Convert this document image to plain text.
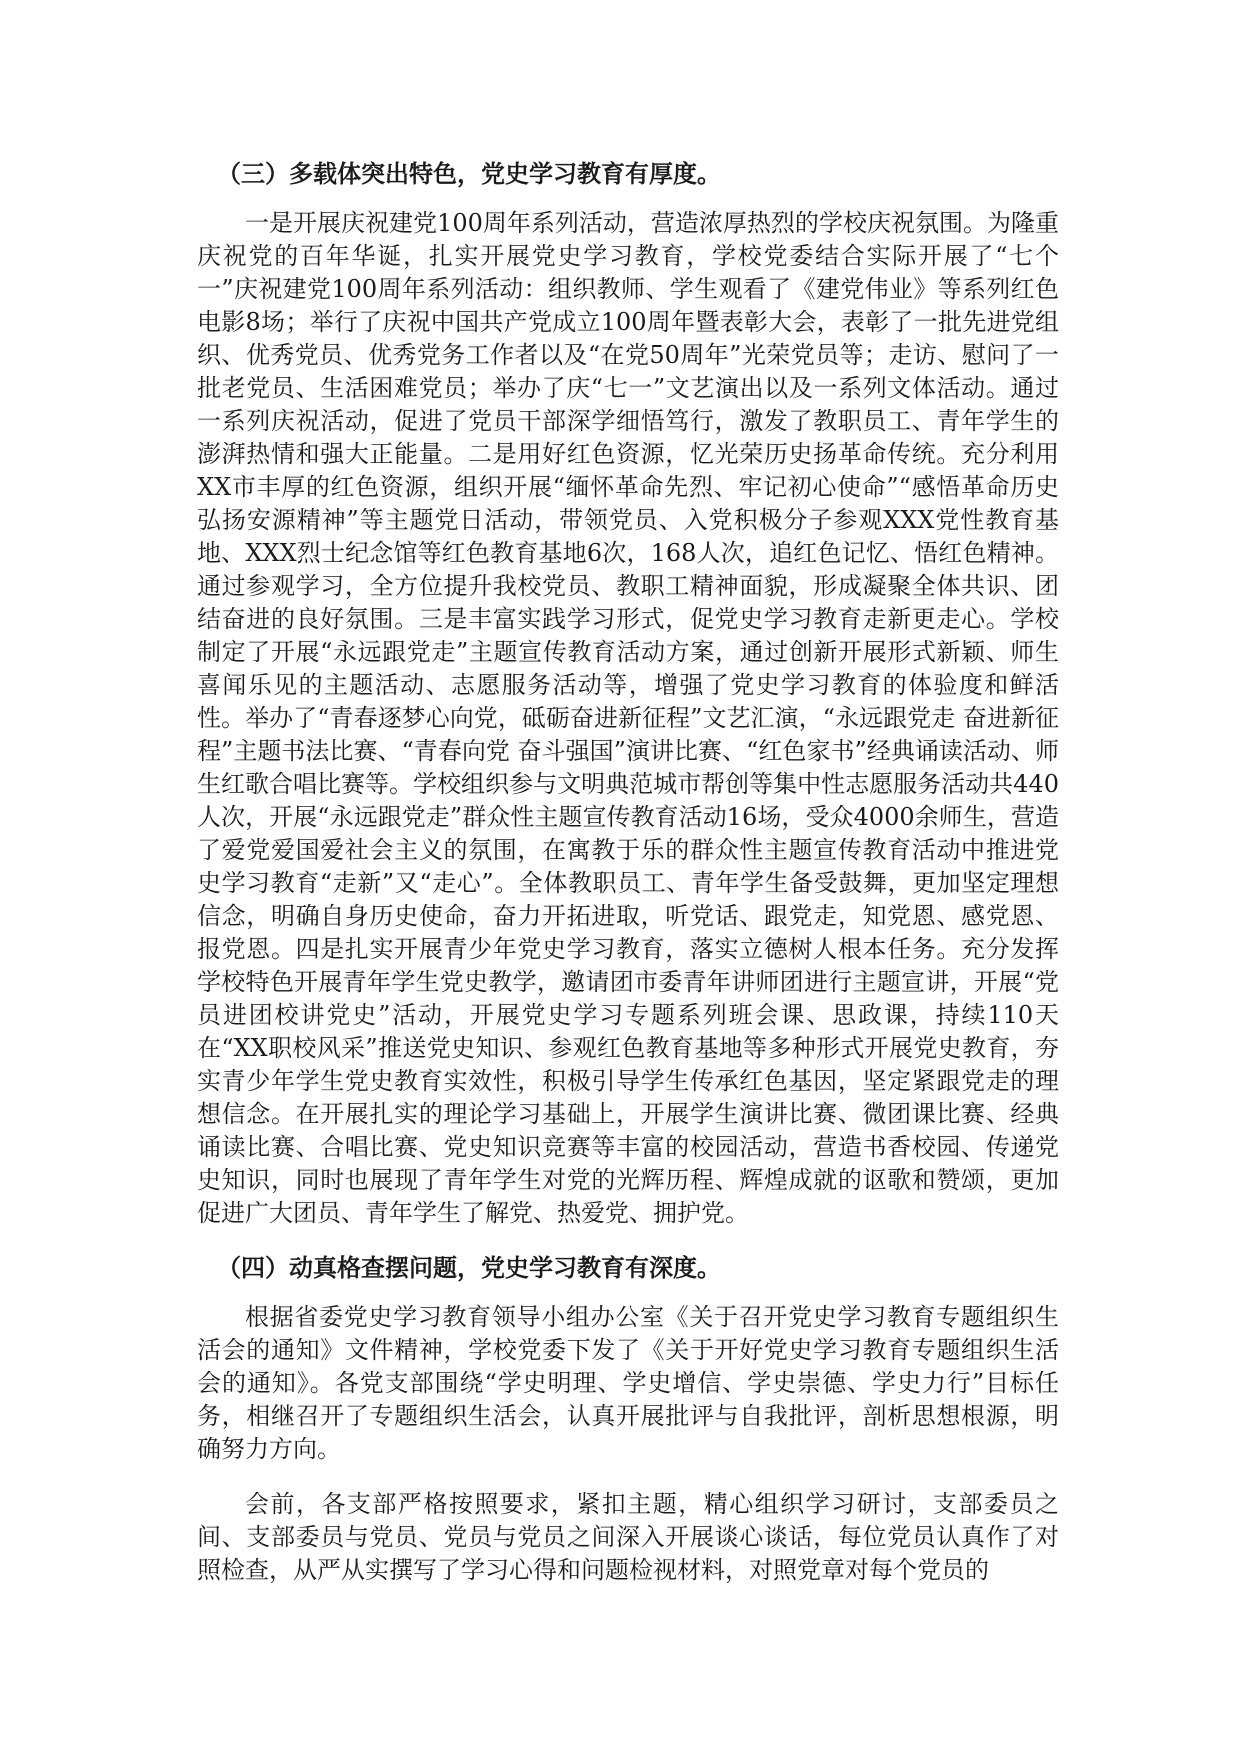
（三）多载体突出特色，党史学习教育有厚度。

一是开展庆祝建党100周年系列活动，营造浓厚热烈的学校庆祝氛围。为隆重庆祝党的百年华诞，扎实开展党史学习教育，学校党委结合实际开展了“七个一”庆祝建党100周年系列活动：组织教师、学生观看了《建党伟业》等系列红色电影8场；举行了庆祝中国共产党成立100周年暨表彰大会，表彰了一批先进党组织、优秀党员、优秀党务工作者以及“在党50周年”光荣党员等；走访、慰问了一批老党员、生活困难党员；举办了庆“七一”文艺演出以及一系列文体活动。通过一系列庆祝活动，促进了党员干部深学细悟笃行，激发了教职员工、青年学生的澎湃热情和强大正能量。二是用好红色资源，忆光荣历史扬革命传统。充分利用XX市丰厚的红色资源，组织开展“缅怀革命先烈、牢记初心使命”“感悟革命历史 弘扬安源精神”等主题党日活动，带领党员、入党积极分子参观XXX党性教育基地、XXX烈士纪念馆等红色教育基地6次，168人次，追红色记忆、悟红色精神。通过参观学习，全方位提升我校党员、教职工精神面貌，形成凝聚全体共识、团结奋进的良好氛围。三是丰富实践学习形式，促党史学习教育走新更走心。学校制定了开展“永远跟党走”主题宣传教育活动方案，通过创新开展形式新颖、师生喜闻乐见的主题活动、志愿服务活动等，增强了党史学习教育的体验度和鲜活性。举办了“青春逐梦心向党，砥砺奋进新征程”文艺汇演，“永远跟党走 奋进新征程”主题书法比赛、“青春向党 奋斗强国”演讲比赛、“红色家书”经典诵读活动、师生红歌合唱比赛等。学校组织参与文明典范城市帮创等集中性志愿服务活动共440人次，开展“永远跟党走”群众性主题宣传教育活动16场，受众4000余师生，营造了爱党爱国爱社会主义的氛围，在寓教于乐的群众性主题宣传教育活动中推进党史学习教育“走新”又“走心”。全体教职员工、青年学生备受鼓舞，更加坚定理想信念，明确自身历史使命，奋力开拓进取，听党话、跟党走，知党恩、感党恩、报党恩。四是扎实开展青少年党史学习教育，落实立德树人根本任务。充分发挥学校特色开展青年学生党史教学，邀请团市委青年讲师团进行主题宣讲，开展“党员进团校讲党史”活动，开展党史学习专题系列班会课、思政课，持续110天在“XX职校风采”推送党史知识、参观红色教育基地等多种形式开展党史教育，夯实青少年学生党史教育实效性，积极引导学生传承红色基因，坚定紧跟党走的理想信念。在开展扎实的理论学习基础上，开展学生演讲比赛、微团课比赛、经典诵读比赛、合唱比赛、党史知识竞赛等丰富的校园活动，营造书香校园、传递党史知识，同时也展现了青年学生对党的光辉历程、辉煌成就的讴歌和赞颂，更加促进广大团员、青年学生了解党、热爱党、拥护党。

（四）动真格查摆问题，党史学习教育有深度。

根据省委党史学习教育领导小组办公室《关于召开党史学习教育专题组织生活会的通知》文件精神，学校党委下发了《关于开好党史学习教育专题组织生活会的通知》。各党支部围绕“学史明理、学史增信、学史崇德、学史力行”目标任务，相继召开了专题组织生活会，认真开展批评与自我批评，剖析思想根源，明确努力方向。

会前，各支部严格按照要求，紧扣主题，精心组织学习研讨，支部委员之间、支部委员与党员、党员与党员之间深入开展谈心谈话，每位党员认真作了对照检查，从严从实撰写了学习心得和问题检视材料，对照党章对每个党员的
